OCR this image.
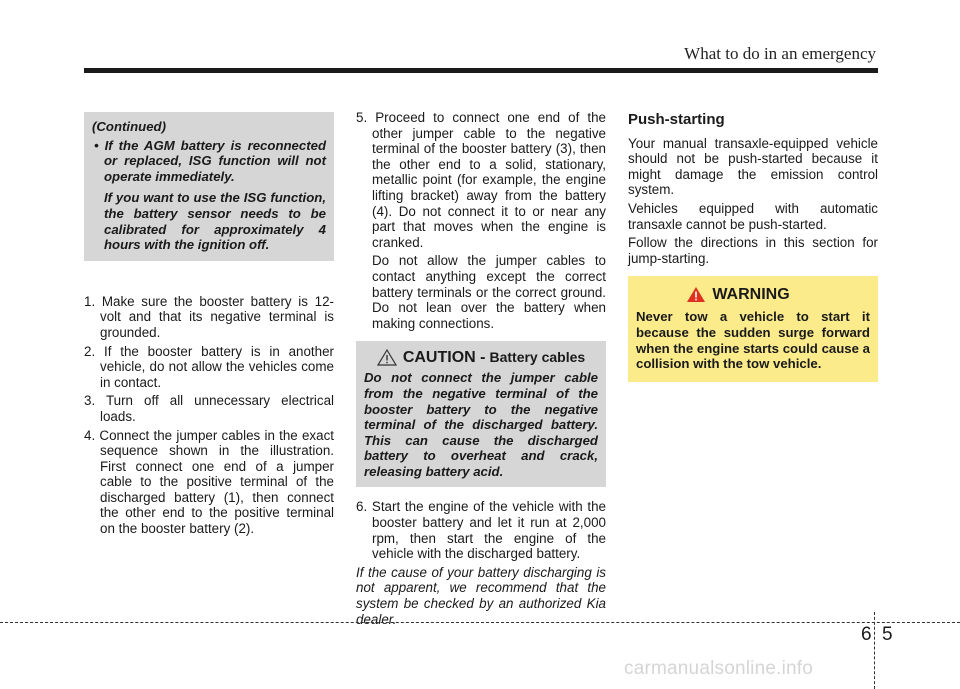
What to do in an emergency

(Continued)

• If the AGM battery is reconnected or replaced, ISG function will not operate immediately.

If you want to use the ISG function, the battery sensor needs to be calibrated for approximately 4 hours with the ignition off.

1. Make sure the booster battery is 12-volt and that its negative terminal is grounded.
2. If the booster battery is in another vehicle, do not allow the vehicles come in contact.
3. Turn off all unnecessary electrical loads.
4. Connect the jumper cables in the exact sequence shown in the illustration. First connect one end of a jumper cable to the positive terminal of the discharged battery (1), then connect the other end to the positive terminal on the booster battery (2).
5. Proceed to connect one end of the other jumper cable to the negative terminal of the booster battery (3), then the other end to a solid, stationary, metallic point (for example, the engine lifting bracket) away from the battery (4). Do not connect it to or near any part that moves when the engine is cranked.

Do not allow the jumper cables to contact anything except the correct battery terminals or the correct ground. Do not lean over the battery when making connections.

CAUTION - Battery cables
Do not connect the jumper cable from the negative terminal of the booster battery to the negative terminal of the discharged battery. This can cause the discharged battery to overheat and crack, releasing battery acid.
6. Start the engine of the vehicle with the booster battery and let it run at 2,000 rpm, then start the engine of the vehicle with the discharged battery.

If the cause of your battery discharging is not apparent, we recommend that the system be checked by an authorized Kia dealer.

Push-starting

Your manual transaxle-equipped vehicle should not be push-started because it might damage the emission control system.

Vehicles equipped with automatic transaxle cannot be push-started.

Follow the directions in this section for jump-starting.

WARNING
Never tow a vehicle to start it because the sudden surge forward when the engine starts could cause a collision with the tow vehicle.
6 5
carmanualsonline.info
